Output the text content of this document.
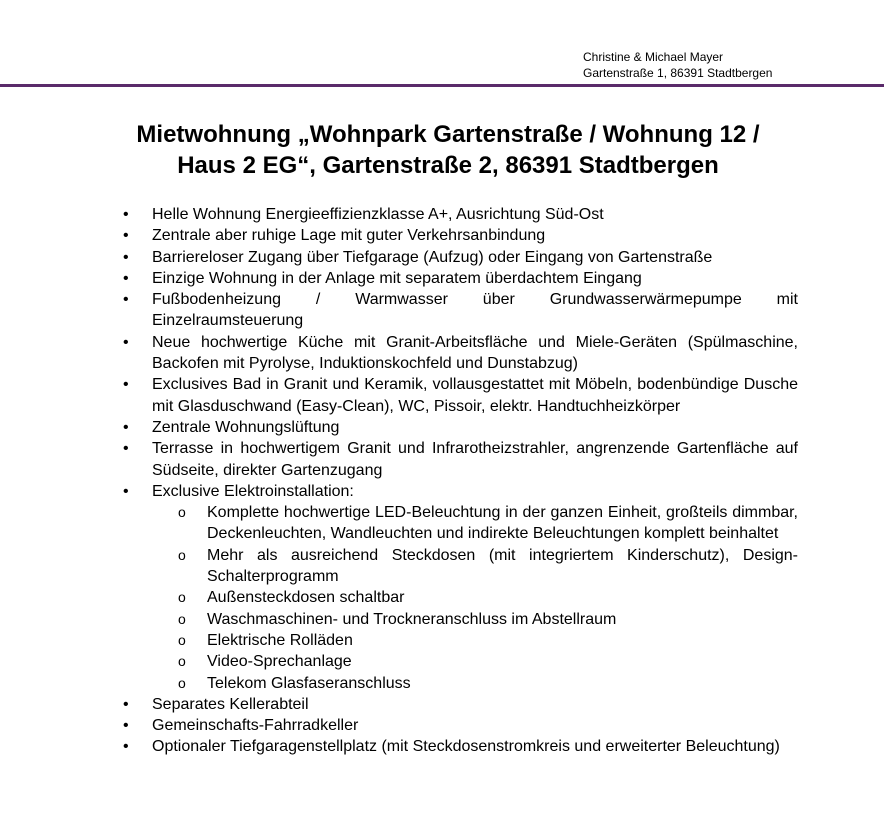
Christine & Michael Mayer
Gartenstraße 1, 86391 Stadtbergen
Mietwohnung „Wohnpark Gartenstraße / Wohnung 12 /
Haus 2 EG“, Gartenstraße 2, 86391 Stadtbergen
• Helle Wohnung Energieeffizienzklasse A+, Ausrichtung Süd-Ost
• Zentrale aber ruhige Lage mit guter Verkehrsanbindung
• Barriereloser Zugang über Tiefgarage (Aufzug) oder Eingang von Gartenstraße
• Einzige Wohnung in der Anlage mit separatem überdachtem Eingang
• Fußbodenheizung / Warmwasser über Grundwasserwärmepumpe mit Einzelraumsteuerung
• Neue hochwertige Küche mit Granit-Arbeitsfläche und Miele-Geräten (Spülmaschine, Backofen mit Pyrolyse, Induktionskochfeld und Dunstabzug)
• Exclusives Bad in Granit und Keramik, vollausgestattet mit Möbeln, bodenbündige Dusche mit Glasduschwand (Easy-Clean), WC, Pissoir, elektr. Handtuchheizkörper
• Zentrale Wohnungslüftung
• Terrasse in hochwertigem Granit und Infrarotheizstrahler, angrenzende Gartenfläche auf Südseite, direkter Gartenzugang
• Exclusive Elektroinstallation:
o Komplette hochwertige LED-Beleuchtung in der ganzen Einheit, großteils dimmbar, Deckenleuchten, Wandleuchten und indirekte Beleuchtungen komplett beinhaltet
o Mehr als ausreichend Steckdosen (mit integriertem Kinderschutz), Design-Schalterprogramm
o Außensteckdosen schaltbar
o Waschmaschinen- und Trockneranschluss im Abstellraum
o Elektrische Rolläden
o Video-Sprechanlage
o Telekom Glasfaseranschluss
• Separates Kellerabteil
• Gemeinschafts-Fahrradkeller
• Optionaler Tiefgaragenstellplatz (mit Steckdosenstromkreis und erweiterter Beleuchtung)
